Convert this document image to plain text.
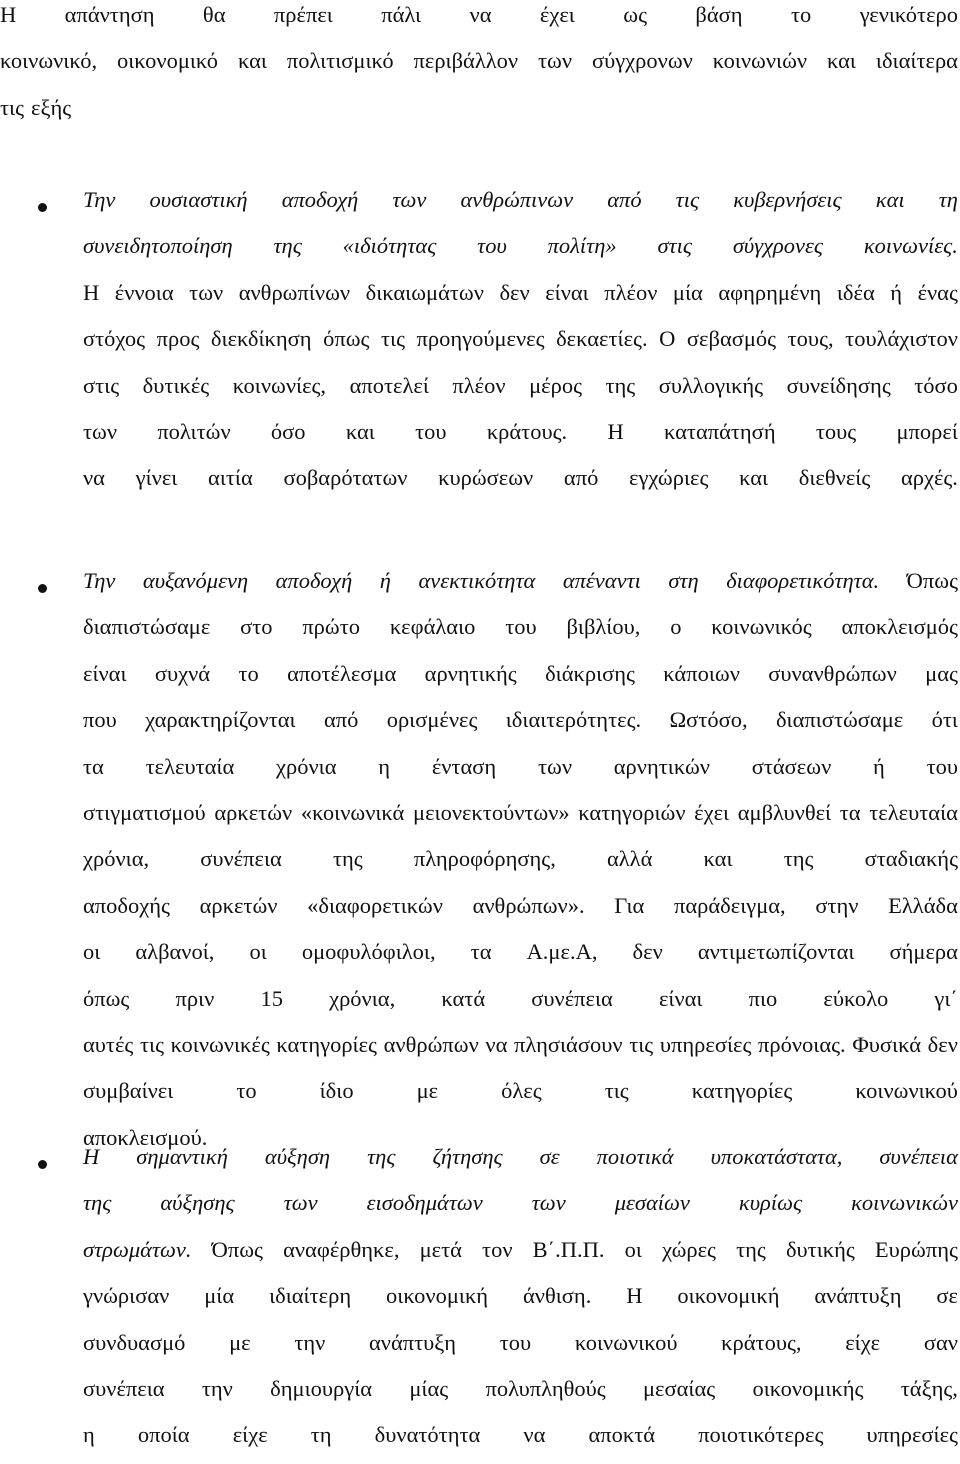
Η απάντηση θα πρέπει πάλι να έχει ως βάση το γενικότερο
κοινωνικό, οικονομικό και πολιτισμικό περιβάλλον των σύγχρονων κοινωνιών και ιδιαίτερα
τις εξής
Την ουσιαστική αποδοχή των ανθρώπινων από τις κυβερνήσεις και τη
συνειδητοποίηση της «ιδιότητας του πολίτη» στις σύγχρονες κοινωνίες.
Η έννοια των ανθρωπίνων δικαιωμάτων δεν είναι πλέον μία αφηρημένη ιδέα ή ένας
στόχος προς διεκδίκηση όπως τις προηγούμενες δεκαετίες. Ο σεβασμός τους, τουλάχιστον
στις δυτικές κοινωνίες, αποτελεί πλέον μέρος της συλλογικής συνείδησης τόσο
των πολιτών όσο και του κράτους. Η καταπάτησή τους μπορεί
να γίνει αιτία σοβαρότατων κυρώσεων από εγχώριες και διεθνείς αρχές.
Την αυξανόμενη αποδοχή ή ανεκτικότητα απέναντι στη διαφορετικότητα. Όπως
διαπιστώσαμε στο πρώτο κεφάλαιο του βιβλίου, ο κοινωνικός αποκλεισμός
είναι συχνά το αποτέλεσμα αρνητικής διάκρισης κάποιων συνανθρώπων μας
που χαρακτηρίζονται από ορισμένες ιδιαιτερότητες. Ωστόσο, διαπιστώσαμε ότι
τα τελευταία χρόνια η ένταση των αρνητικών στάσεων ή του
στιγματισμού αρκετών «κοινωνικά μειονεκτούντων» κατηγοριών έχει αμβλυνθεί τα τελευταία
χρόνια, συνέπεια της πληροφόρησης, αλλά και της σταδιακής
αποδοχής αρκετών «διαφορετικών ανθρώπων». Για παράδειγμα, στην Ελλάδα
οι αλβανοί, οι ομοφυλόφιλοι, τα Α.με.Α, δεν αντιμετωπίζονται σήμερα
όπως πριν 15 χρόνια, κατά συνέπεια είναι πιο εύκολο γι΄
αυτές τις κοινωνικές κατηγορίες ανθρώπων να πλησιάσουν τις υπηρεσίες πρόνοιας. Φυσικά δεν
συμβαίνει	το	ίδιο	με	όλες	τις	κατηγορίες	κοινωνικού
αποκλεισμού.
Η σημαντική αύξηση της ζήτησης σε ποιοτικά υποκατάστατα, συνέπεια
της αύξησης των εισοδημάτων των μεσαίων κυρίως κοινωνικών
στρωμάτων. Όπως αναφέρθηκε, μετά τον Β΄.Π.Π. οι χώρες της δυτικής Ευρώπης
γνώρισαν μία ιδιαίτερη οικονομική άνθιση. Η οικονομική ανάπτυξη σε
συνδυασμό με την ανάπτυξη του κοινωνικού κράτους, είχε σαν
συνέπεια την δημιουργία μίας πολυπληθούς μεσαίας οικονομικής τάξης,
η οποία είχε τη δυνατότητα να αποκτά ποιοτικότερες υπηρεσίες
